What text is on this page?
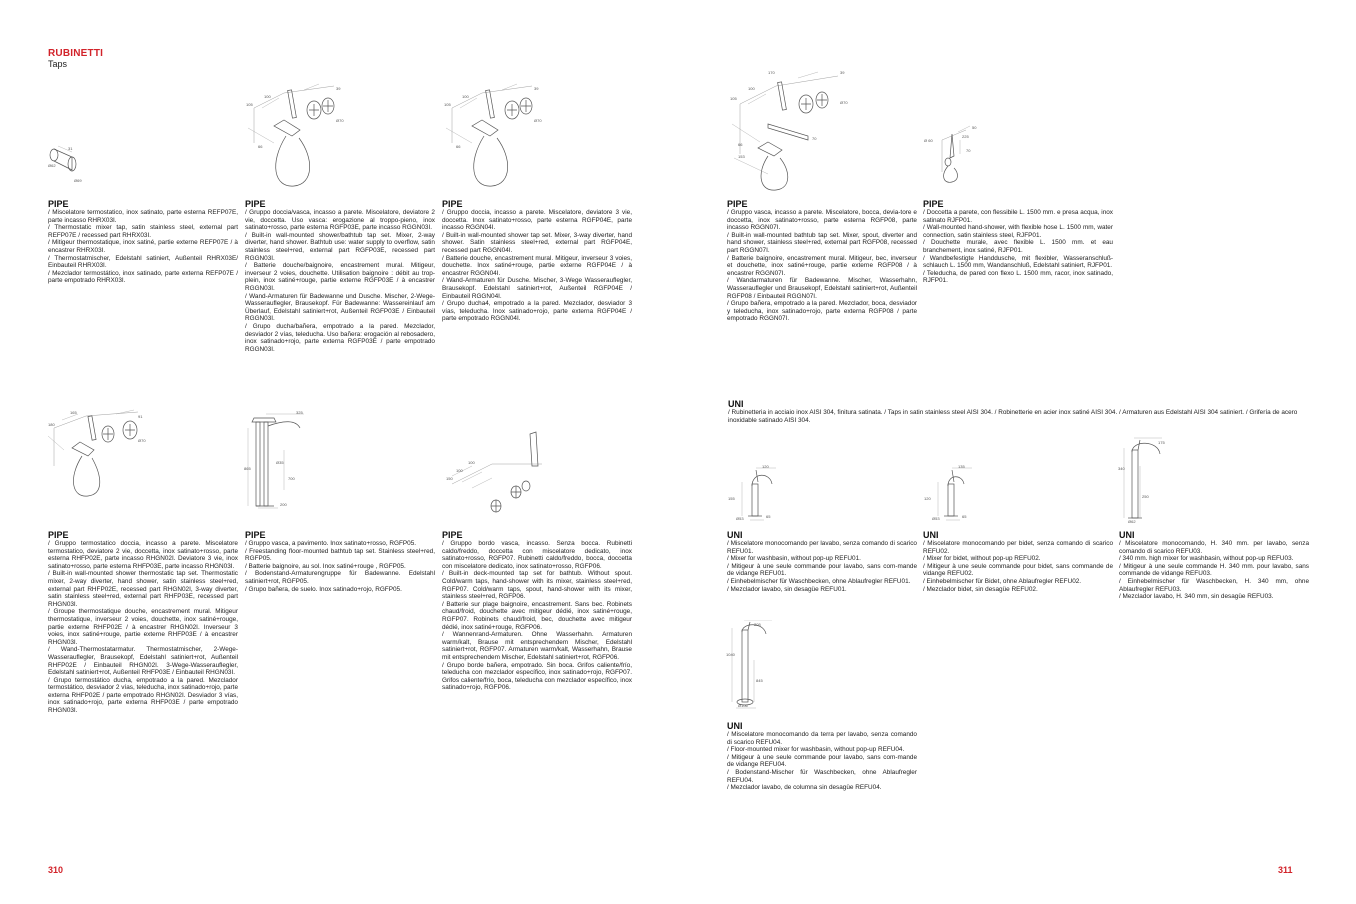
RUBINETTI
Taps
310	311
31
Ø62
Ø69
100
105
39
Ø70
66
100
105
39
Ø70
66
170
100
39
Ø70
105
70
66
153
Ø 60
50
225
70
165
180
91
Ø70
325
Ø35
865
700
200
100
100
150
120
155
Ø53	65
135
120
Ø53	65
175
340
250
Ø62
205
1040
845
Ø106
PIPE
/ Miscelatore termostatico, inox satinato, parte esterna REFP07E, parte incasso RHRX03I.
/ Thermostatic mixer tap, satin stainless steel, external part REFP07E / recessed part RHRX03I.
/ Mitigeur thermostatique, inox satiné, partie externe REFP07E / à encastrer RHRX03I.
/ Thermostatmischer, Edelstahl satiniert, Außenteil RHRX03E/ Einbauteil RHRX03I.
/ Mezclador termostático, inox satinado, parte externa REFP07E / parte empotrado RHRX03I.
PIPE
/ Gruppo doccia/vasca, incasso a parete. Miscelatore, deviatore 2 vie, doccetta. Uso vasca: erogazione al troppo-pieno, inox satinato+rosso, parte esterna RGFP03E, parte incasso RGGN03I.
/ Built-in wall-mounted shower/bathtub tap set. Mixer, 2-way diverter, hand shower. Bathtub use: water supply to overflow, satin stainless steel+red, external part RGFP03E, recessed part RGGN03I.
/ Batterie douche/baignoire, encastrement mural. Mitigeur, inverseur 2 voies, douchette. Utilisation baignoire : débit au trop-plein, inox satiné+rouge, partie externe RGFP03E / à encastrer RGGN03I.
/ Wand-Armaturen für Badewanne und Dusche. Mischer, 2-Wege-Wasserauflegler, Brausekopf. Für Badewanne: Wassereinlauf am Überlauf, Edelstahl satiniert+rot, Außenteil RGFP03E / Einbauteil RGGN03I.
/ Grupo ducha/bañera, empotrado a la pared. Mezclador, desviador 2 vías, teleducha. Uso bañera: erogación al rebosadero, inox satinado+rojo, parte externa RGFP03E / parte empotrado RGGN03I.
PIPE
/ Gruppo doccia, incasso a parete. Miscelatore, deviatore 3 vie, doccetta. Inox satinato+rosso, parte esterna RGFP04E, parte incasso RGGN04I.
/ Built-in wall-mounted shower tap set. Mixer, 3-way diverter, hand shower. Satin stainless steel+red, external part RGFP04E, recessed part RGGN04I.
/ Batterie douche, encastrement mural. Mitigeur, inverseur 3 voies, douchette. Inox satiné+rouge, partie externe RGFP04E / à encastrer RGGN04I.
/ Wand-Armaturen für Dusche. Mischer, 3-Wege Wasserauflegler, Brausekopf. Edelstahl satiniert+rot, Außenteil RGFP04E / Einbauteil RGGN04I.
/ Grupo ducha4, empotrado a la pared. Mezclador, desviador 3 vías, teleducha. Inox satinado+rojo, parte externa RGFP04E / parte empotrado RGGN04I.
PIPE
/ Gruppo vasca, incasso a parete. Miscelatore, bocca, devia-tore e doccetta, inox satinato+rosso, parte esterna RGFP08, parte incasso RGGN07I.
/ Built-in wall-mounted bathtub tap set. Mixer, spout, diverter and hand shower, stainless steel+red, external part RGFP08, recessed part RGGN07I.
/ Batterie baignoire, encastrement mural. Mitigeur, bec, inverseur et douchette, inox satiné+rouge, partie externe RGFP08 / à encastrer RGGN07I.
/ Wandarmaturen für Badewanne. Mischer, Wasserhahn, Wasserauflegler und Brausekopf, Edelstahl satiniert+rot, Außenteil RGFP08 / Einbauteil RGGN07I.
/ Grupo bañera, empotrado a la pared. Mezclador, boca, desviador y teleducha, inox satinado+rojo, parte externa RGFP08 / parte empotrado RGGN07I.
PIPE
/ Doccetta a parete, con flessibile L. 1500 mm. e presa acqua, inox satinato RJFP01.
/ Wall-mounted hand-shower, with flexible hose L. 1500 mm, water connection, satin stainless steel, RJFP01.
/ Douchette murale, avec flexible L. 1500 mm. et eau branchement, inox satiné, RJFP01.
/ Wandbefestigte Handdusche, mit flexibler, Wasseranschluß-schlauch L. 1500 mm, Wandanschluß, Edelstahl satiniert, RJFP01.
/ Teleducha, de pared con flexo L. 1500 mm, racor, inox satinado, RJFP01.
PIPE
/ Gruppo termostatico doccia, incasso a parete. Miscelatore termostatico, deviatore 2 vie, doccetta, inox satinato+rosso, parte esterna RHFP02E, parte incasso RHGN02I. Deviatore 3 vie, inox satinato+rosso, parte esterna RHFP03E, parte incasso RHGN03I.
/ Built-in wall-mounted shower thermostatic tap set. Thermostatic mixer, 2-way diverter, hand shower, satin stainless steel+red, external part RHFP02E, recessed part RHGN02I, 3-way diverter, satin stainless steel+red, external part RHFP03E, recessed part RHGN03I.
/ Groupe thermostatique douche, encastrement mural. Mitigeur thermostatique, inverseur 2 voies, douchette, inox satiné+rouge, partie externe RHFP02E / à encastrer RHGN02I. Inverseur 3 voies, inox satiné+rouge, partie externe RHFP03E / à encastrer RHGN03I.
/ Wand-Thermostatarmatur. Thermostatmischer, 2-Wege-Wasserauflegler, Brausekopf, Edelstahl satiniert+rot, Außenteil RHFP02E / Einbauteil RHGN02I. 3-Wege-Wasserauflegler, Edelstahl satiniert+rot, Außenteil RHFP03E / Einbauteil RHGN03I.
/ Grupo termostático ducha, empotrado a la pared. Mezclador termostático, desviador 2 vías, teleducha, inox satinado+rojo, parte externa RHFP02E / parte empotrado RHGN02I. Desviador 3 vías, inox satinado+rojo, parte externa RHFP03E / parte empotrado RHGN03I.
PIPE
/ Gruppo vasca, a pavimento. Inox satinato+rosso, RGFP05.
/ Freestanding floor-mounted bathtub tap set. Stainless steel+red, RGFP05.
/ Batterie baignoire, au sol. Inox satiné+rouge , RGFP05.
/ Bodenstand-Armaturengruppe für Badewanne. Edelstahl satiniert+rot, RGFP05.
/ Grupo bañera, de suelo. Inox satinado+rojo, RGFP05.
PIPE
/ Gruppo bordo vasca, incasso. Senza bocca. Rubinetti caldo/freddo, doccetta con miscelatore dedicato, inox satinato+rosso, RGFP07. Rubinetti caldo/freddo, bocca, doccetta con miscelatore dedicato, inox satinato+rosso, RGFP06.
/ Built-in deck-mounted tap set for bathtub. Without spout. Cold/warm taps, hand-shower with its mixer, stainless steel+red, RGFP07. Cold/warm taps, spout, hand-shower with its mixer, stainless steel+red, RGFP06.
/ Batterie sur plage baignoire, encastrement. Sans bec. Robinets chaud/froid, douchette avec mitigeur dédié, inox satiné+rouge, RGFP07. Robinets chaud/froid, bec, douchette avec mitigeur dédié, inox satiné+rouge, RGFP06.
/ Wannenrand-Armaturen. Ohne Wasserhahn. Armaturen warm/kalt, Brause mit entsprechendem Mischer, Edelstahl satiniert+rot, RGFP07. Armaturen warm/kalt, Wasserhahn, Brause mit entsprechendem Mischer, Edelstahl satiniert+rot, RGFP06.
/ Grupo borde bañera, empotrado. Sin boca. Grifos caliente/frío, teleducha con mezclador específico, inox satinado+rojo, RGFP07. Grifos caliente/frío, boca, teleducha con mezclador específico, inox satinado+rojo, RGFP06.
UNI
/ Rubinetteria in acciaio inox AISI 304, finitura satinata. / Taps in satin stainless steel AISI 304. / Robinetterie en acier inox satiné AISI 304. / Armaturen aus Edelstahl AISI 304 satiniert. / Grifería de acero inoxidable satinado AISI 304.
UNI
/ Miscelatore monocomando per lavabo, senza comando di scarico REFU01.
/ Mixer for washbasin, without pop-up REFU01.
/ Mitigeur à une seule commande pour lavabo, sans com-mande de vidange REFU01.
/ Einhebelmischer für Waschbecken, ohne Ablaufregler REFU01.
/ Mezclador lavabo, sin desagüe REFU01.
UNI
/ Miscelatore monocomando per bidet, senza comando di scarico REFU02.
/ Mixer for bidet, without pop-up REFU02.
/ Mitigeur à une seule commande pour bidet, sans commande de vidange REFU02.
/ Einhebelmischer für Bidet, ohne Ablaufregler REFU02.
/ Mezclador bidet, sin desagüe REFU02.
UNI
/ Miscelatore monocomando, H. 340 mm. per lavabo, senza comando di scarico REFU03.
/ 340 mm. high mixer for washbasin, without pop-up REFU03.
/ Mitigeur à une seule commande H. 340 mm. pour lavabo, sans commande de vidange REFU03.
/ Einhebelmischer für Waschbecken, H. 340 mm, ohne Ablaufregler REFU03.
/ Mezclador lavabo, H. 340 mm, sin desagüe REFU03.
UNI
/ Miscelatore monocomando da terra per lavabo, senza comando di scarico REFU04.
/ Floor-mounted mixer for washbasin, without pop-up REFU04.
/ Mitigeur à une seule commande pour lavabo, sans com-mande de vidange REFU04.
/ Bodenstand-Mischer für Waschbecken, ohne Ablaufregler REFU04.
/ Mezclador lavabo, de columna sin desagüe REFU04.
